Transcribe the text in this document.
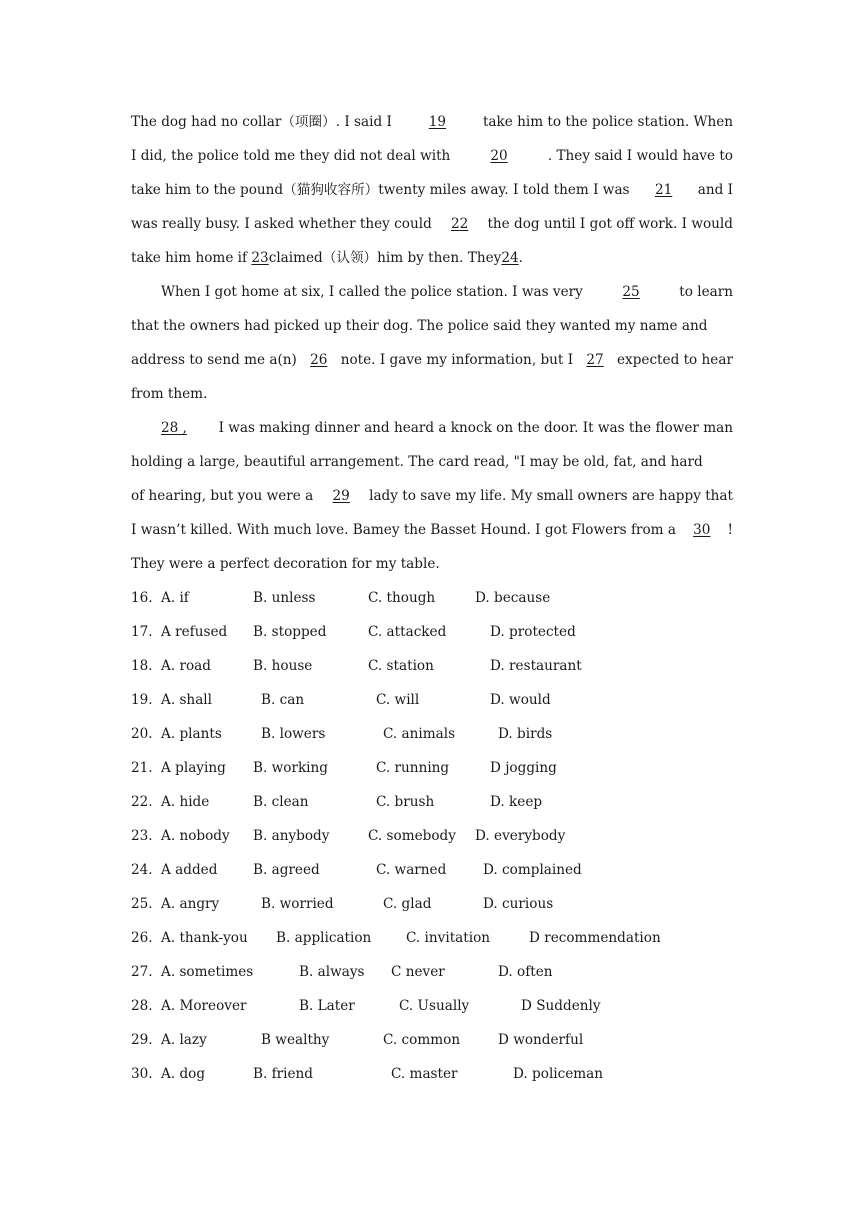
The dog had no collar（项圈）. I said I	19	take him to the police station. When
I did, the police told me they did not deal with	20	. They said I would have to
take him to the pound（猫狗收容所）twenty miles away. I told them I was 21 and I
was really busy. I asked whether they could 22 the dog until I got off work. I would
take him home if
23 claimed（认领）him by then. They 24 .
When I got home at six, I called the police station. I was very	25	to learn
that the owners had picked up their dog. The police said they wanted my name and
address to send me a(n) 26 note. I gave my information, but I 27 expected to hear
from them.
28 , I was making dinner and heard a knock on the door. It was the flower man
holding a large, beautiful arrangement. The card read, "I may be old, fat, and hard
of hearing, but you were a 29 lady to save my life. My small owners are happy that
I wasn’t killed. With much love. Bamey the Basset Hound. I got Flowers from a 30 !
They were a perfect decoration for my table.
16. A. if	B. unless	C. though	D. because
17. A refused B. stopped	C. attacked	D. protected
18. A. road	B. house	C. station	D. restaurant
19. A. shall	B. can	C. will	D. would
20. A. plants	B. lowers	C. animals	D. birds
21. A playing B. working	C. running	D jogging
22. A. hide	B. clean	C. brush	D. keep
23. A. nobody B. anybody	C. somebody D. everybody
24. A added	B. agreed	C. warned	D. complained
25. A. angry	B. worried	C. glad	D. curious
26. A. thank-you B. application	C. invitation	D recommendation
27. A. sometimes	B. always C never	D. often
28. A. Moreover	B. Later	C. Usually	D Suddenly
29. A. lazy	B wealthy	C. common	D wonderful
30. A. dog	B. friend	C. master	D. policeman
